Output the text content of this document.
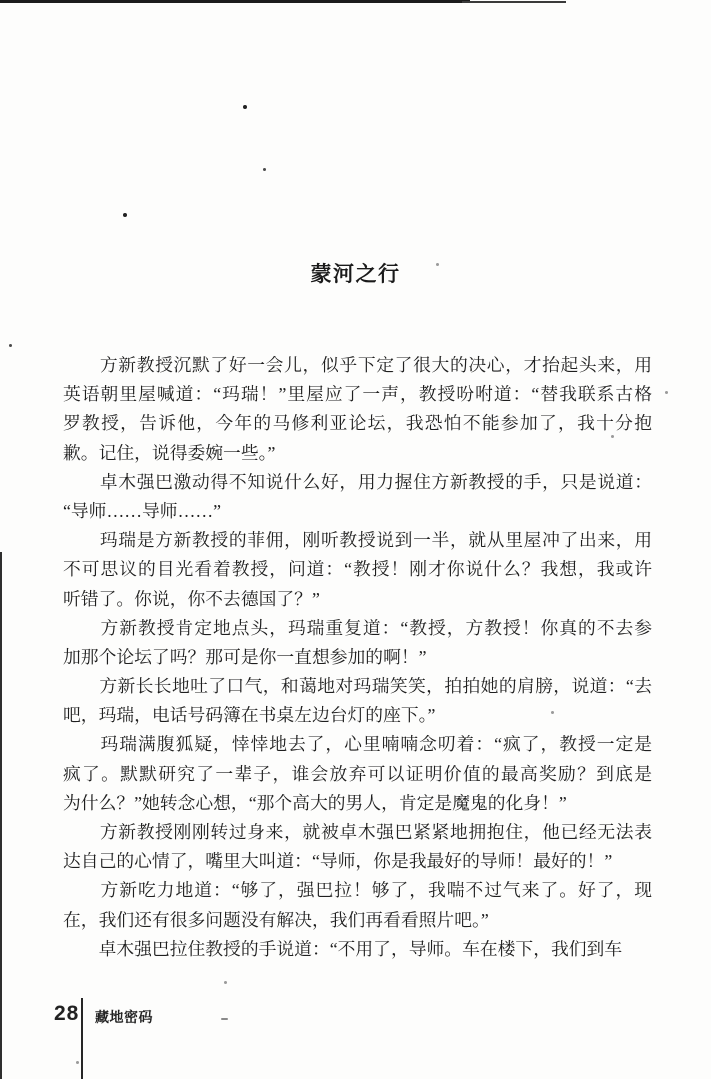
蒙河之行
　　方新教授沉默了好一会儿，似乎下定了很大的决心，才抬起头来，用
英语朝里屋喊道：“玛瑞！”里屋应了一声，教授吩咐道：“替我联系古格
罗教授，告诉他，今年的马修利亚论坛，我恐怕不能参加了，我十分抱
歉。记住，说得委婉一些。”
　　卓木强巴激动得不知说什么好，用力握住方新教授的手，只是说道：
“导师……导师……”
　　玛瑞是方新教授的菲佣，刚听教授说到一半，就从里屋冲了出来，用
不可思议的目光看着教授，问道：“教授！刚才你说什么？我想，我或许
听错了。你说，你不去德国了？”
　　方新教授肯定地点头，玛瑞重复道：“教授，方教授！你真的不去参
加那个论坛了吗？那可是你一直想参加的啊！”
　　方新长长地吐了口气，和蔼地对玛瑞笑笑，拍拍她的肩膀，说道：“去
吧，玛瑞，电话号码簿在书桌左边台灯的座下。”
　　玛瑞满腹狐疑，悻悻地去了，心里喃喃念叨着：“疯了，教授一定是
疯了。默默研究了一辈子，谁会放弃可以证明价值的最高奖励？到底是
为什么？”她转念心想，“那个高大的男人，肯定是魔鬼的化身！”
　　方新教授刚刚转过身来，就被卓木强巴紧紧地拥抱住，他已经无法表
达自己的心情了，嘴里大叫道：“导师，你是我最好的导师！最好的！”
　　方新吃力地道：“够了，强巴拉！够了，我喘不过气来了。好了，现
在，我们还有很多问题没有解决，我们再看看照片吧。”
　　卓木强巴拉住教授的手说道：“不用了，导师。车在楼下，我们到车
28 藏地密码
